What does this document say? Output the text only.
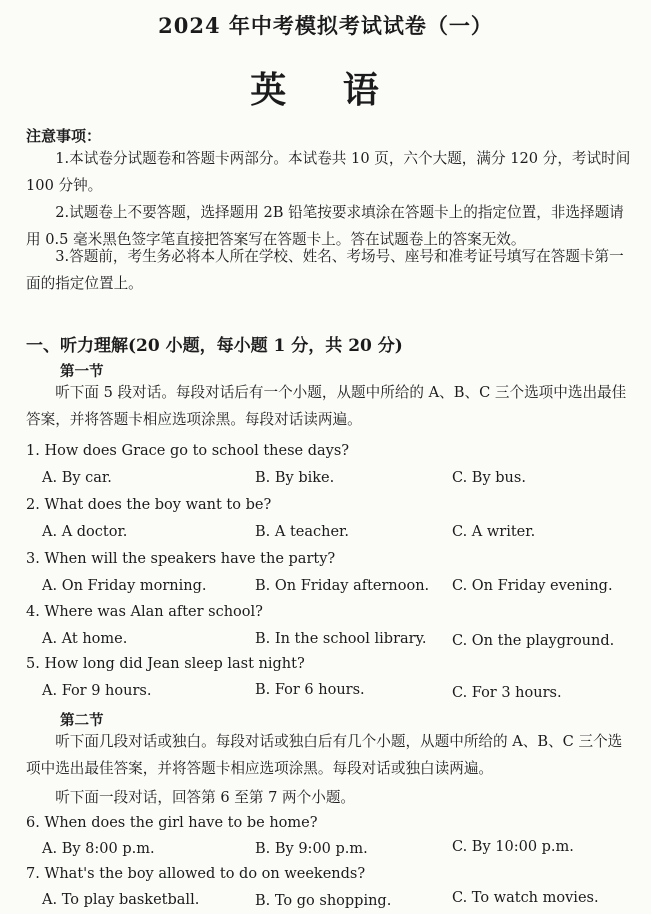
2024 年中考模拟考试试卷（一）
英 语
注意事项：
1.本试卷分试题卷和答题卡两部分。本试卷共 10 页，六个大题，满分 120 分，考试时间 100 分钟。
2.试题卷上不要答题，选择题用 2B 铅笔按要求填涂在答题卡上的指定位置，非选择题请用 0.5 毫米黑色签字笔直接把答案写在答题卡上。答在试题卷上的答案无效。
3.答题前，考生务必将本人所在学校、姓名、考场号、座号和准考证号填写在答题卡第一面的指定位置上。
一、听力理解(20 小题，每小题 1 分，共 20 分)
第一节
听下面 5 段对话。每段对话后有一个小题，从题中所给的 A、B、C 三个选项中选出最佳答案，并将答题卡相应选项涂黑。每段对话读两遍。
1. How does Grace go to school these days?
A. By car.	B. By bike.	C. By bus.
2. What does the boy want to be?
A. A doctor.	B. A teacher.	C. A writer.
3. When will the speakers have the party?
A. On Friday morning.	B. On Friday afternoon. C. On Friday evening.
4. Where was Alan after school?
A. At home.	B. In the school library. C. On the playground.
5. How long did Jean sleep last night?
A. For 9 hours.	B. For 6 hours.	C. For 3 hours.
第二节
听下面几段对话或独白。每段对话或独白后有几个小题，从题中所给的 A、B、C 三个选项中选出最佳答案，并将答题卡相应选项涂黑。每段对话或独白读两遍。
听下面一段对话，回答第 6 至第 7 两个小题。
6. When does the girl have to be home?
A. By 8:00 p.m.	B. By 9:00 p.m.	C. By 10:00 p.m.
7. What's the boy allowed to do on weekends?
A. To play basketball.	B. To go shopping.	C. To watch movies.
